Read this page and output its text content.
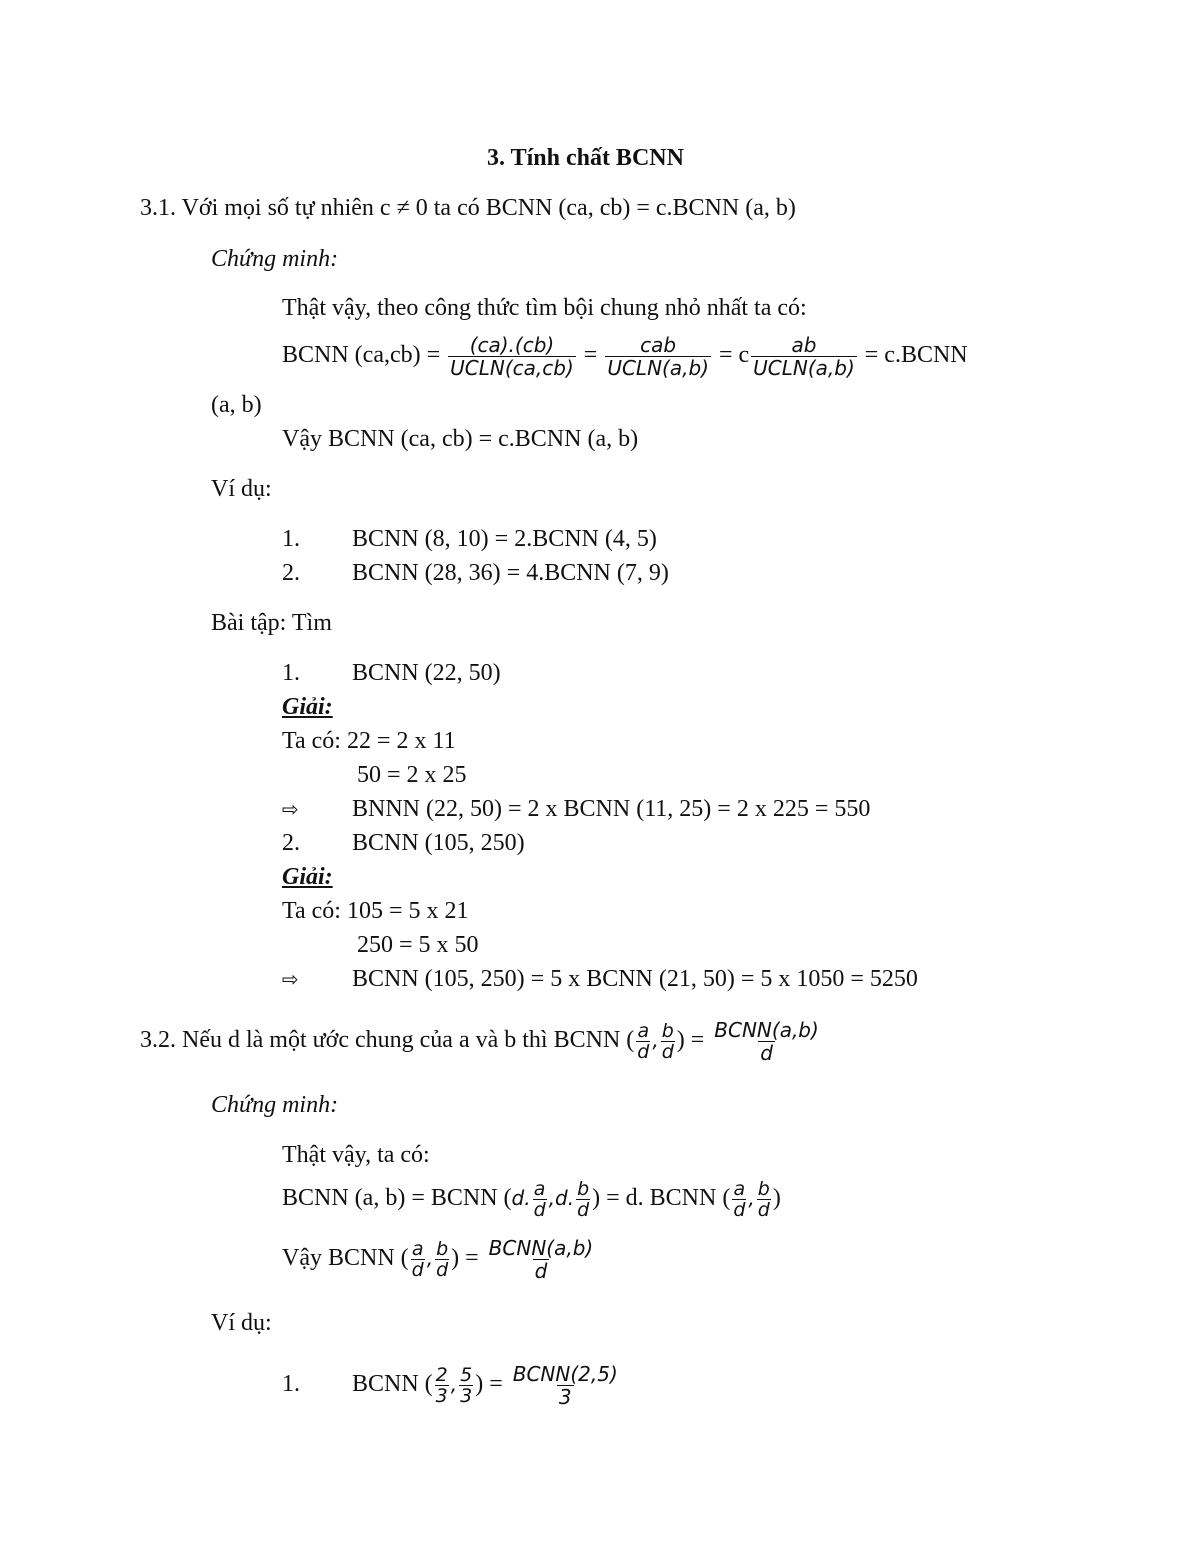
3. Tính chất BCNN
3.1. Với mọi số tự nhiên c ≠ 0 ta có BCNN (ca, cb) = c.BCNN (a, b)
Chứng minh:
Thật vậy, theo công thức tìm bội chung nhỏ nhất ta có:
BCNN $(ca,cb) = \frac{(ca).(cb)}{\text{UCLN(ca,cb)}} = \frac{\text{cab}}{\text{UCLN(a,b)}} = c \frac{ab}{\text{UCLN(a,b)}}$ = c.BCNN
(a, b)
Vậy BCNN (ca, cb) = c.BCNN (a, b)
Ví dụ:
1. BCNN (8, 10) = 2.BCNN (4, 5)
2. BCNN (28, 36) = 4.BCNN (7, 9)
Bài tập: Tìm
1. BCNN (22, 50)
Giải:
Ta có: 22 = 2 x 11
50 = 2 x 25
⇨ BNNN (22, 50) = 2 x BCNN (11, 25) = 2 x 225 = 550
2. BCNN (105, 250)
Giải:
Ta có: 105 = 5 x 21
250 = 5 x 50
⇨ BCNN (105, 250) = 5 x BCNN (21, 50) = 5 x 1050 = 5250
3.2. Nếu d là một ước chung của a và b thì BCNN ( $\frac{a}{d}$ , $\frac{b}{d}$ ) = $\frac{\text{BCNN(a,b)}}{d}$
Chứng minh:
Thật vậy, ta có:
BCNN (a, b) = BCNN (d. $\frac{a}{d} ,d$. $\frac{b}{d}$ ) = d. BCNN ( $\frac{a}{d}$ , $\frac{b}{d}$ )
Vậy BCNN ( $\frac{a}{d}$ , $\frac{b}{d}$ ) = $\frac{\text{BCNN(a,b)}}{d}$
Ví dụ:
1. BCNN ( $\frac{2}{3}$ , $\frac{5}{3}$ ) = $\frac{\text{BCNN(2,5)}}{3}$
